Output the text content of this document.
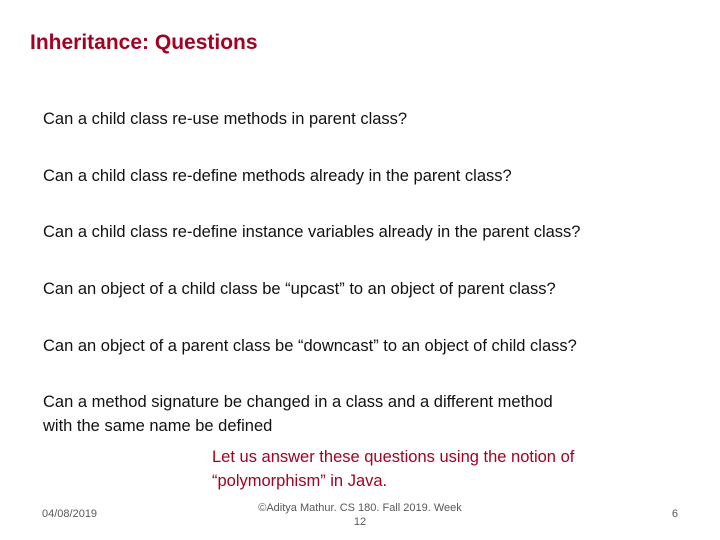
Inheritance: Questions
Can a child class re-use methods in parent class?
Can a child class re-define methods already in the parent class?
Can a child class re-define instance variables already in the parent class?
Can an object of a child class be “upcast” to an object of parent class?
Can an object of a parent class be “downcast” to an object of child class?
Can a method signature be changed in a class and a different method
with the same name be defined
Let us answer these questions using the notion of
“polymorphism” in Java.
04/08/2019	©Aditya Mathur. CS 180. Fall 2019. Week
12
6
